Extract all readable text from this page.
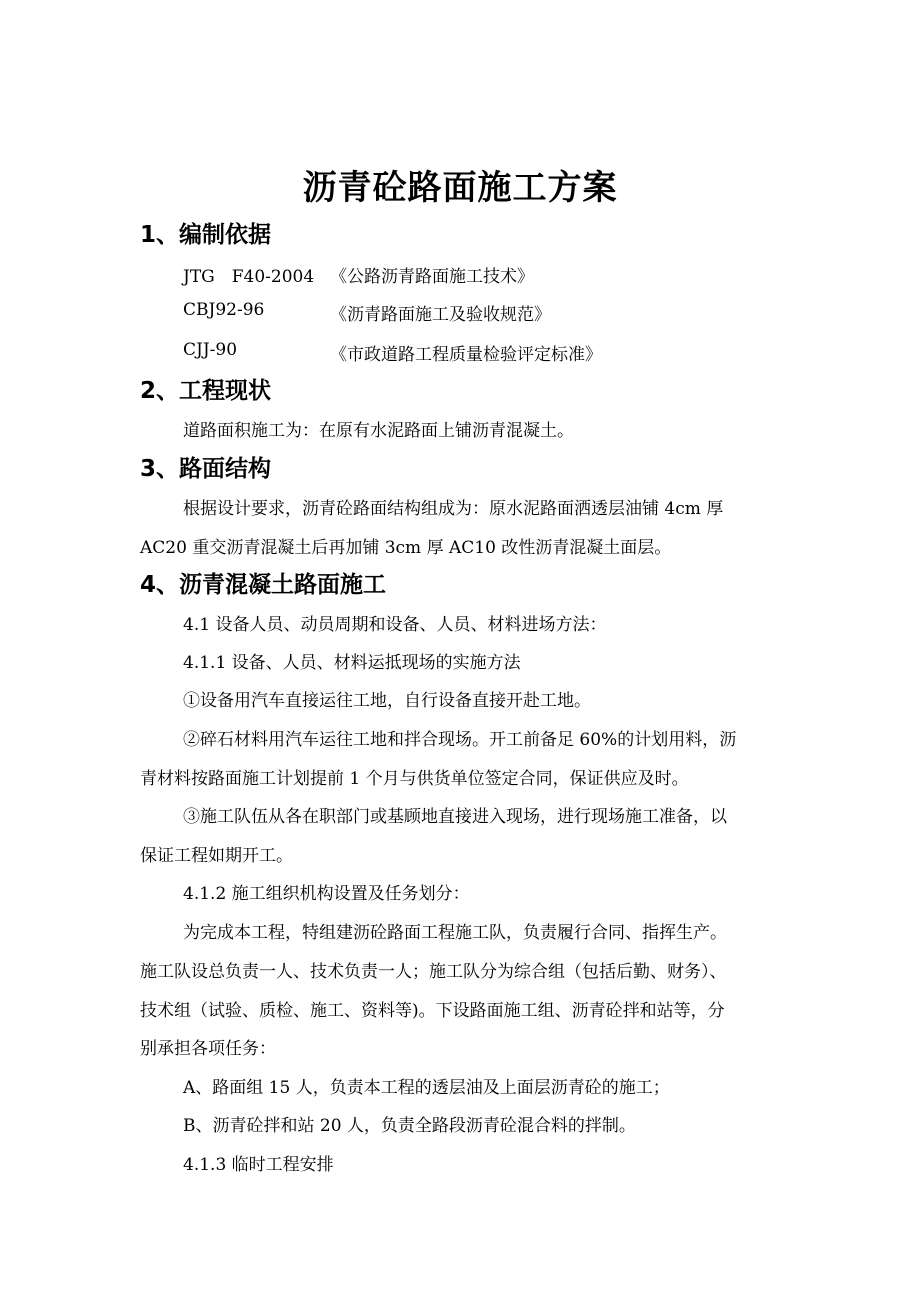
沥青砼路面施工方案
1、编制依据
JTG　F40-2004 《公路沥青路面施工技术》
CBJ92-96	《沥青路面施工及验收规范》
CJJ-90	《市政道路工程质量检验评定标准》
2、工程现状
道路面积施工为：在原有水泥路面上铺沥青混凝土。
3、路面结构
根据设计要求，沥青砼路面结构组成为：原水泥路面洒透层油铺 4cm 厚
AC20 重交沥青混凝土后再加铺 3cm 厚 AC10 改性沥青混凝土面层。
4、沥青混凝土路面施工
4.1 设备人员、动员周期和设备、人员、材料进场方法：
4.1.1 设备、人员、材料运抵现场的实施方法
①设备用汽车直接运往工地，自行设备直接开赴工地。
②碎石材料用汽车运往工地和拌合现场。开工前备足 60%的计划用料，沥
青材料按路面施工计划提前 1 个月与供货单位签定合同，保证供应及时。
③施工队伍从各在职部门或基顾地直接进入现场，进行现场施工准备，以
保证工程如期开工。
4.1.2 施工组织机构设置及任务划分：
为完成本工程，特组建沥砼路面工程施工队，负责履行合同、指挥生产。
施工队设总负责一人、技术负责一人；施工队分为综合组（包括后勤、财务）、
技术组（试验、质检、施工、资料等)。下设路面施工组、沥青砼拌和站等，分
别承担各项任务：
A、路面组 15 人，负责本工程的透层油及上面层沥青砼的施工；
B、沥青砼拌和站 20 人，负责全路段沥青砼混合料的拌制。
4.1.3 临时工程安排
